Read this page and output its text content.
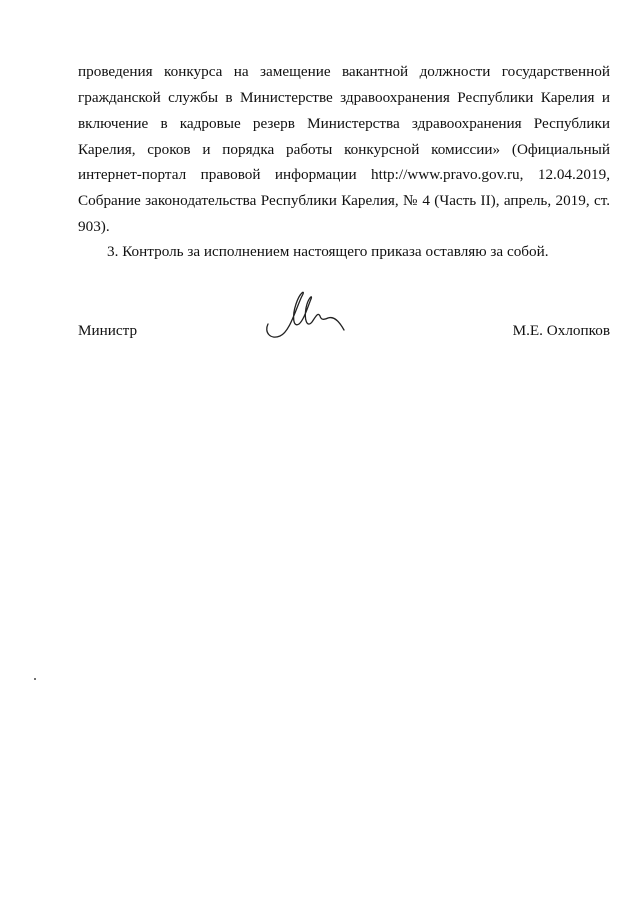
проведения конкурса на замещение вакантной должности государственной
гражданской службы в Министерстве здравоохранения Республики Карелия и
включение в кадровые резерв Министерства здравоохранения Республики
Карелия, сроков и порядка работы конкурсной комиссии» (Официальный
интернет-портал правовой информации http://www.pravo.gov.ru, 12.04.2019,
Собрание законодательства Республики Карелия, № 4 (Часть II), апрель, 2019, ст.
903).
3. Контроль за исполнением настоящего приказа оставляю за собой.
Министр	М.Е. Охлопков
